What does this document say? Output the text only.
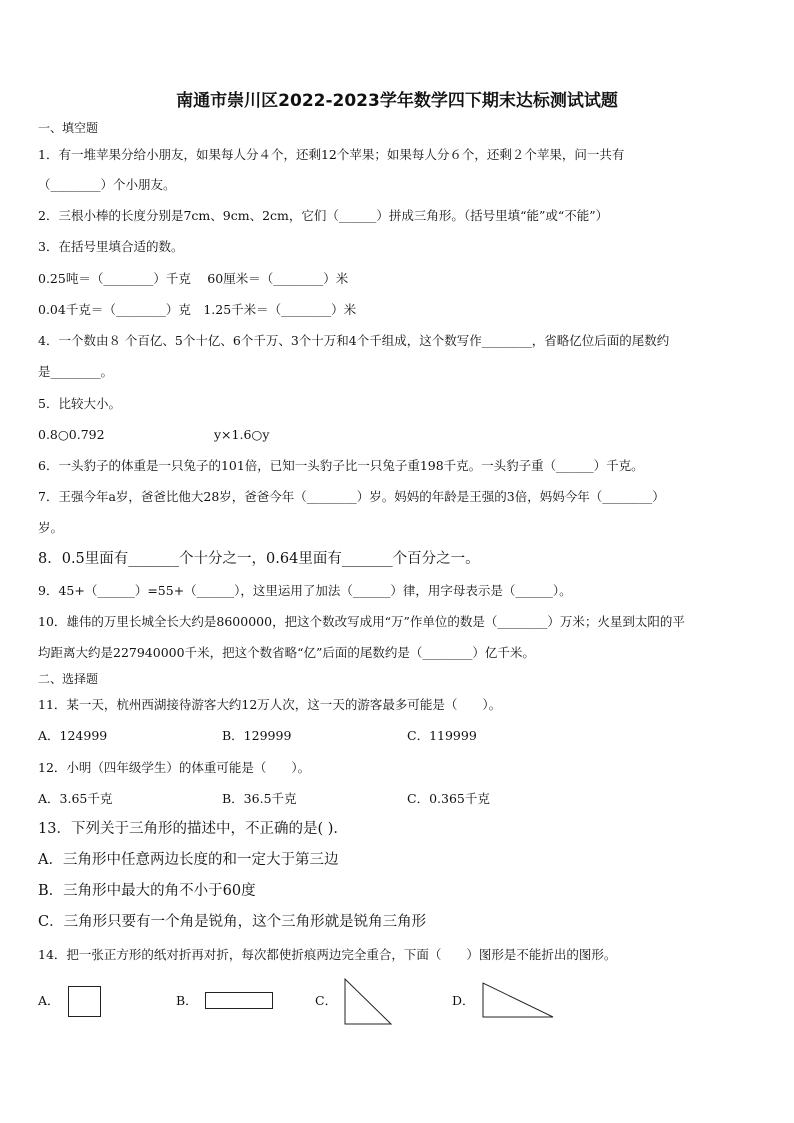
南通市崇川区2022-2023学年数学四下期末达标测试试题
一、填空题
1．有一堆苹果分给小朋友，如果每人分４个，还剩12个苹果；如果每人分６个，还剩２个苹果，问一共有
（________）个小朋友。
2．三根小棒的长度分别是7cm、9cm、2cm，它们（______）拼成三角形。（括号里填“能”或“不能”）
3．在括号里填合适的数。
0.25吨＝（________）千克　 60厘米＝（________）米
0.04千克＝（________）克　1.25千米＝（________）米
4．一个数由８ 个百亿、5个十亿、6个千万、3个十万和4个千组成，这个数写作________，省略亿位后面的尾数约
是________。
5．比较大小。
0.8○0.792	y×1.6○y
6．一头豹子的体重是一只兔子的101倍，已知一头豹子比一只兔子重198千克。一头豹子重（______）千克。
7．王强今年a岁，爸爸比他大28岁，爸爸今年（________）岁。妈妈的年龄是王强的3倍，妈妈今年（________）
岁。
8．0.5里面有_______个十分之一，0.64里面有_______个百分之一。
9．45+（______）=55+（______），这里运用了加法（______）律，用字母表示是（______）。
10．雄伟的万里长城全长大约是8600000，把这个数改写成用“万”作单位的数是（________）万米；火星到太阳的平
均距离大约是227940000千米，把这个数省略“亿”后面的尾数约是（________）亿千米。
二、选择题
11．某一天，杭州西湖接待游客大约12万人次，这一天的游客最多可能是（　　）。
A．124999	B．129999	C．119999
12．小明（四年级学生）的体重可能是（　　）。
A．3.65千克	B．36.5千克	C．0.365千克
13．下列关于三角形的描述中，不正确的是( )．
A．三角形中任意两边长度的和一定大于第三边
B．三角形中最大的角不小于60度
C．三角形只要有一个角是锐角，这个三角形就是锐角三角形
14．把一张正方形的纸对折再对折，每次都使折痕两边完全重合，下面（　　）图形是不能折出的图形。
A．	B．	C．	D．
